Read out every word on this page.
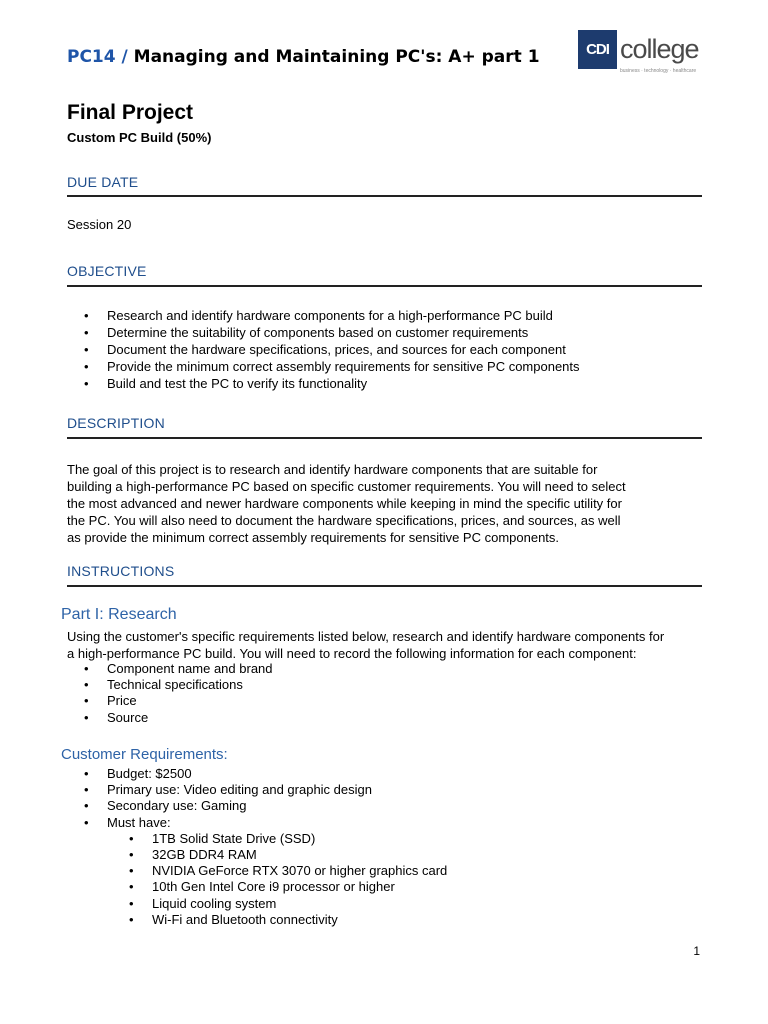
PC14 / Managing and Maintaining PC's: A+ part 1	CDI college
business · technology · healthcare
Final Project
Custom PC Build (50%)
DUE DATE
Session 20
OBJECTIVE
• Research and identify hardware components for a high-performance PC build
• Determine the suitability of components based on customer requirements
• Document the hardware specifications, prices, and sources for each component
• Provide the minimum correct assembly requirements for sensitive PC components
• Build and test the PC to verify its functionality
DESCRIPTION
The goal of this project is to research and identify hardware components that are suitable for
building a high-performance PC based on specific customer requirements. You will need to select
the most advanced and newer hardware components while keeping in mind the specific utility for
the PC. You will also need to document the hardware specifications, prices, and sources, as well
as provide the minimum correct assembly requirements for sensitive PC components.
INSTRUCTIONS
Part I: Research
Using the customer's specific requirements listed below, research and identify hardware components for
a high-performance PC build. You will need to record the following information for each component:
• Component name and brand
• Technical specifications
• Price
• Source
Customer Requirements:
• Budget: $2500
• Primary use: Video editing and graphic design
• Secondary use: Gaming
• Must have:
• 1TB Solid State Drive (SSD)
• 32GB DDR4 RAM
• NVIDIA GeForce RTX 3070 or higher graphics card
• 10th Gen Intel Core i9 processor or higher
• Liquid cooling system
• Wi-Fi and Bluetooth connectivity
1
